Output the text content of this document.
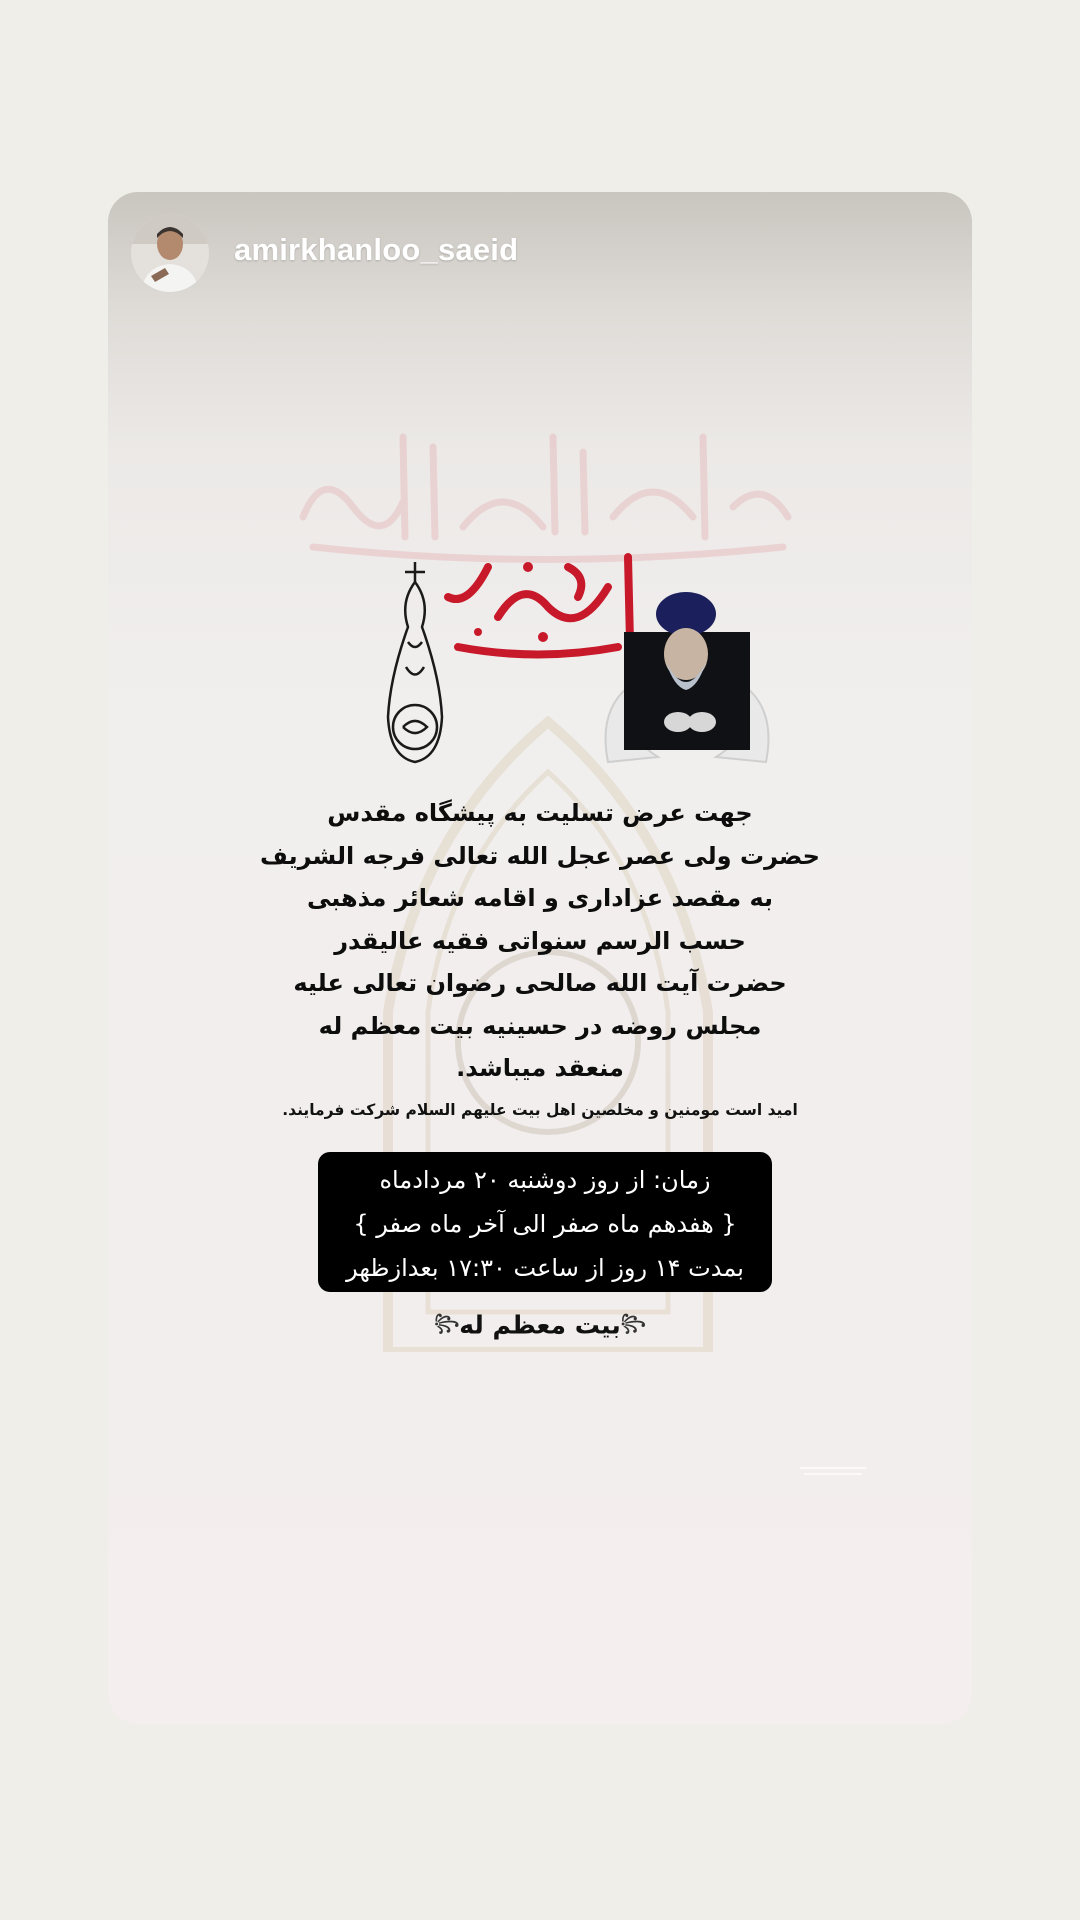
amirkhanloo_saeid
جهت عرض تسلیت به پیشگاه مقدس
حضرت ولی عصر عجل الله تعالی فرجه الشریف
به مقصد عزاداری و اقامه شعائر مذهبی
حسب الرسم سنواتی فقیه عالیقدر
حضرت آیت الله صالحی رضوان تعالی علیه
مجلس روضه در حسینیه بیت معظم له
منعقد میباشد.
امید است مومنین و مخلصین اهل بیت علیهم السلام شرکت فرمایند.
زمان: از روز دوشنبه ۲۰ مردادماه
{ هفدهم ماه صفر الی آخر ماه صفر }
بمدت ۱۴ روز از ساعت ۱۷:۳۰ بعدازظهر
꧂بیت معظم له꧂
